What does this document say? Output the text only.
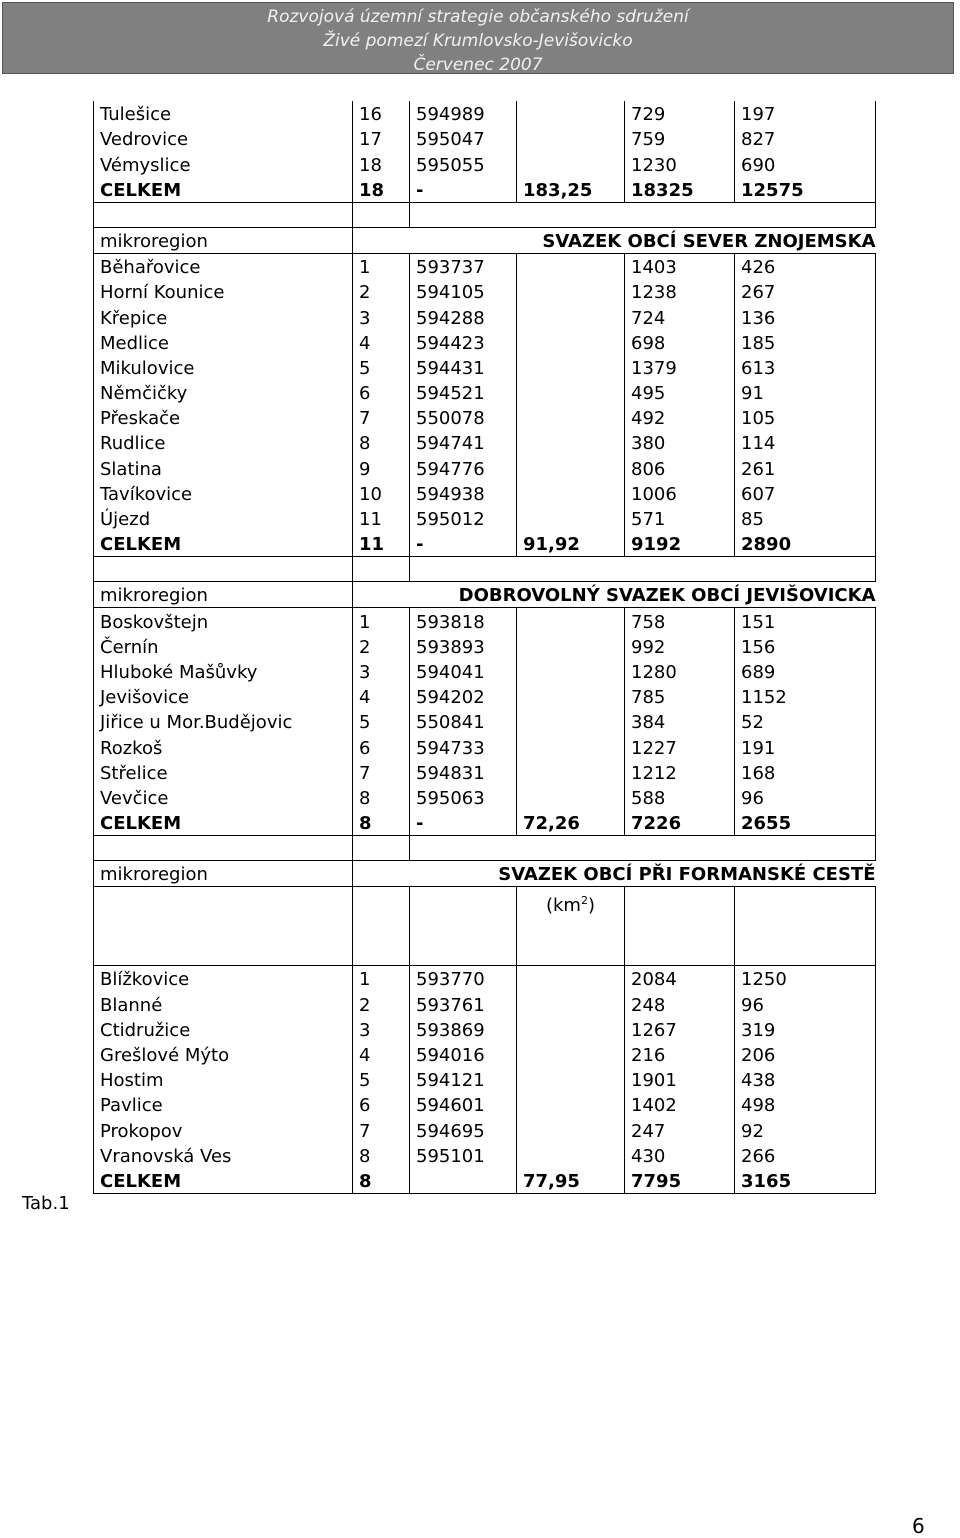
Rozvojová územní strategie občanského sdružení
Živé pomezí Krumlovsko-Jevišovicko
Červenec 2007
Tulešice	16	594989		729	197
Vedrovice	17	595047		759	827
Vémyslice	18	595055		1230	690
CELKEM	18	-	183,25	18325	12575

mikroregion	SVAZEK OBCÍ SEVER ZNOJEMSKA				
Běhařovice	1	593737		1403	426
Horní Kounice	2	594105		1238	267
Křepice	3	594288		724	136
Medlice	4	594423		698	185
Mikulovice	5	594431		1379	613
Němčičky	6	594521		495	91
Přeskače	7	550078		492	105
Rudlice	8	594741		380	114
Slatina	9	594776		806	261
Tavíkovice	10	594938		1006	607
Újezd	11	595012		571	85
CELKEM	11	-	91,92	9192	2890

mikroregion	DOBROVOLNÝ SVAZEK OBCÍ JEVIŠOVICKA				
Boskovštejn	1	593818		758	151
Černín	2	593893		992	156
Hluboké Mašůvky	3	594041		1280	689
Jevišovice	4	594202		785	1152
Jiřice u Mor.Budějovic	5	550841		384	52
Rozkoš	6	594733		1227	191
Střelice	7	594831		1212	168
Vevčice	8	595063		588	96
CELKEM	8	-	72,26	7226	2655

mikroregion	SVAZEK OBCÍ PŘI FORMANSKÉ CESTĚ				

			$(km^2)$		

Blížkovice	1	593770		2084	1250
Blanné	2	593761		248	96
Ctidružice	3	593869		1267	319
Grešlové Mýto	4	594016		216	206
Hostim	5	594121		1901	438
Pavlice	6	594601		1402	498
Prokopov	7	594695		247	92
Vranovská Ves	8	595101		430	266
CELKEM	8		77,95	7795	3165
Tab.1
6
